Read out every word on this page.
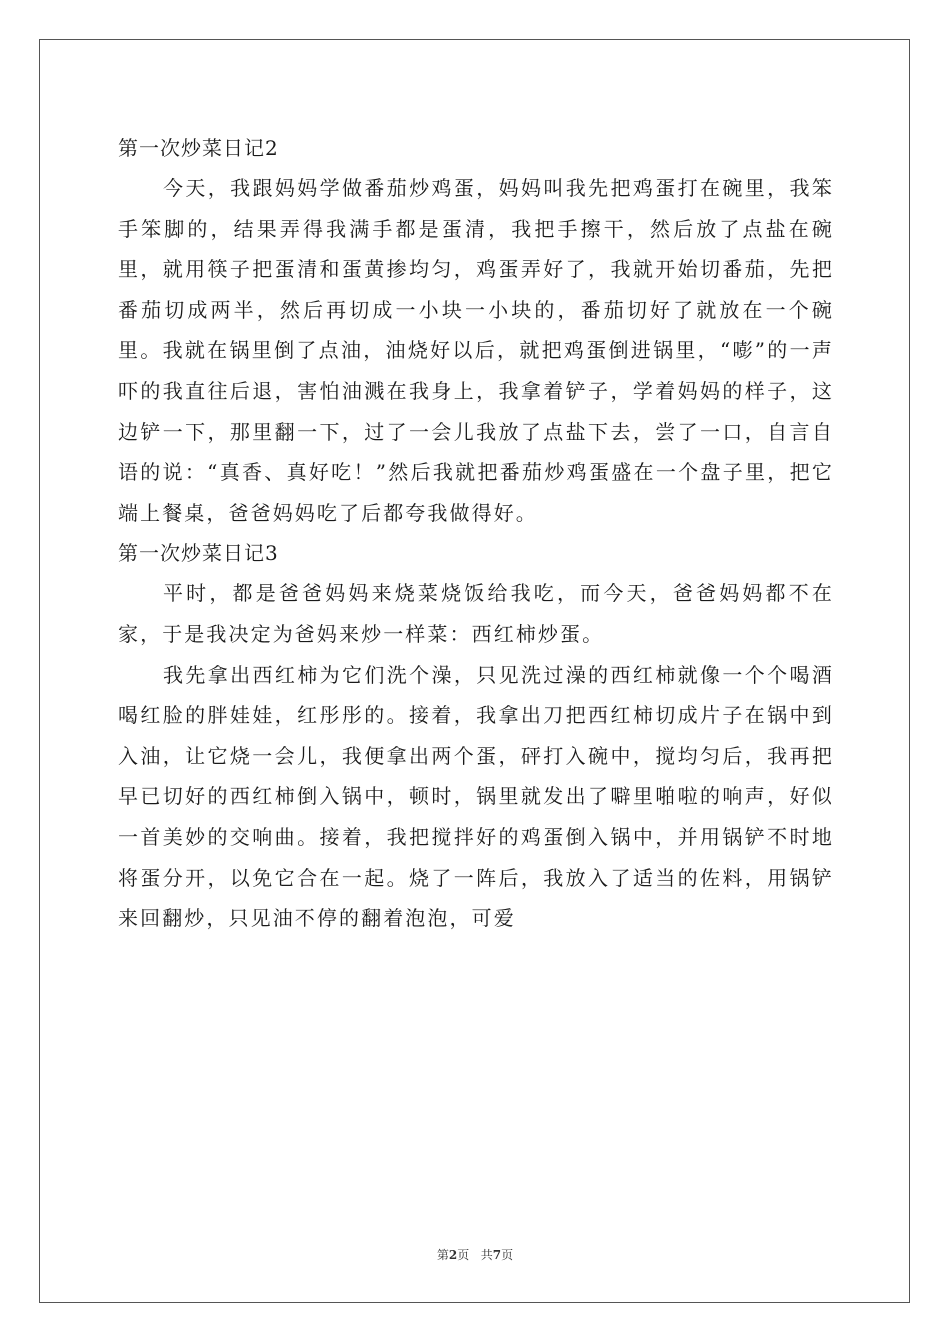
第一次炒菜日记2

今天，我跟妈妈学做番茄炒鸡蛋，妈妈叫我先把鸡蛋打在碗里，我笨手笨脚的，结果弄得我满手都是蛋清，我把手擦干，然后放了点盐在碗里，就用筷子把蛋清和蛋黄掺均匀，鸡蛋弄好了，我就开始切番茄，先把番茄切成两半，然后再切成一小块一小块的，番茄切好了就放在一个碗里。我就在锅里倒了点油，油烧好以后，就把鸡蛋倒进锅里，“嘭”的一声吓的我直往后退，害怕油溅在我身上，我拿着铲子，学着妈妈的样子，这边铲一下，那里翻一下，过了一会儿我放了点盐下去，尝了一口，自言自语的说：“真香、真好吃！”然后我就把番茄炒鸡蛋盛在一个盘子里，把它端上餐桌，爸爸妈妈吃了后都夸我做得好。

第一次炒菜日记3

平时，都是爸爸妈妈来烧菜烧饭给我吃，而今天，爸爸妈妈都不在家，于是我决定为爸妈来炒一样菜：西红柿炒蛋。

我先拿出西红柿为它们洗个澡，只见洗过澡的西红柿就像一个个喝酒喝红脸的胖娃娃，红彤彤的。接着，我拿出刀把西红柿切成片子在锅中到入油，让它烧一会儿，我便拿出两个蛋，砰打入碗中，搅均匀后，我再把早已切好的西红柿倒入锅中，顿时，锅里就发出了噼里啪啦的响声，好似一首美妙的交响曲。接着，我把搅拌好的鸡蛋倒入锅中，并用锅铲不时地将蛋分开，以免它合在一起。烧了一阵后，我放入了适当的佐料，用锅铲来回翻炒，只见油不停的翻着泡泡，可爱

第2页   共7页
